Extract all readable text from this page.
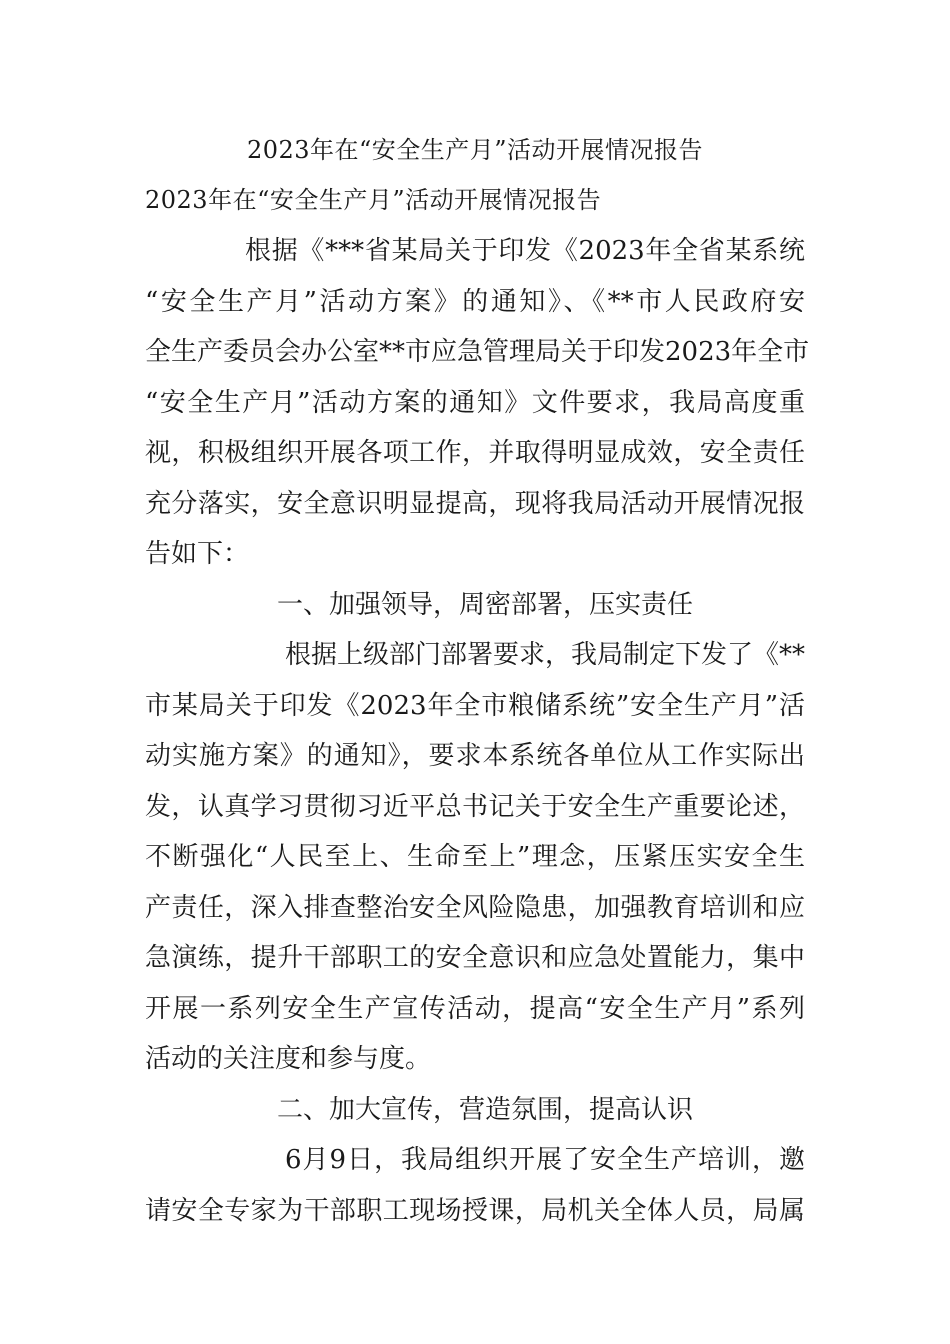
2023年在“安全生产月”活动开展情况报告
2023年在“安全生产月”活动开展情况报告
根据《***省某局关于印发《2023年全省某系统
“安全生产月”活动方案》的通知》、《**市人民政府安
全生产委员会办公室**市应急管理局关于印发2023年全市
“安全生产月”活动方案的通知》文件要求，我局高度重
视，积极组织开展各项工作，并取得明显成效，安全责任
充分落实，安全意识明显提高，现将我局活动开展情况报
告如下：
一、加强领导，周密部署，压实责任
根据上级部门部署要求，我局制定下发了《**
市某局关于印发《2023年全市粮储系统”安全生产月”活
动实施方案》的通知》，要求本系统各单位从工作实际出
发，认真学习贯彻习近平总书记关于安全生产重要论述，
不断强化“人民至上、生命至上”理念，压紧压实安全生
产责任，深入排查整治安全风险隐患，加强教育培训和应
急演练，提升干部职工的安全意识和应急处置能力，集中
开展一系列安全生产宣传活动，提高“安全生产月”系列
活动的关注度和参与度。
二、加大宣传，营造氛围，提高认识
6月9日，我局组织开展了安全生产培训，邀
请安全专家为干部职工现场授课，局机关全体人员，局属
